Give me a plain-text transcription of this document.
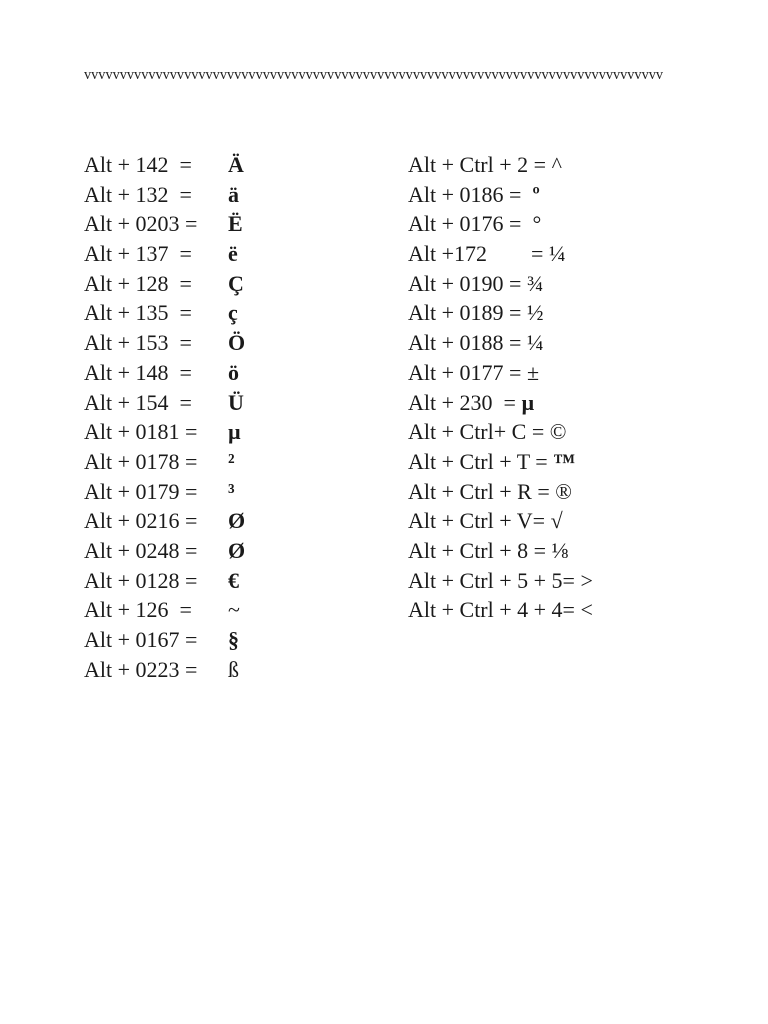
vvvvvvvvvvvvvvvvvvvvvvvvvvvvvvvvvvvvvvvvvvvvvvvvvvvvvvvvvvvvvvvvvvvvvvvvvvvvvvvvv
Alt + 142  = Ä
Alt + 132  = ä
Alt + 0203 = Ë
Alt + 137  = ë
Alt + 128  = Ç
Alt + 135  = ç
Alt + 153  = Ö
Alt + 148  = ö
Alt + 154  = Ü
Alt + 0181 = µ
Alt + 0178 = ²
Alt + 0179 = ³
Alt + 0216 = Ø
Alt + 0248 = Ø
Alt + 0128 = €
Alt + 126  = ~
Alt + 0167 = §
Alt + 0223 = ß
Alt + Ctrl + 2 = ^
Alt + 0186 =  º
Alt + 0176 =  °
Alt +172        = ¼
Alt + 0190 = ¾
Alt + 0189 = ½
Alt + 0188 = ¼
Alt + 0177 = ±
Alt + 230  = µ
Alt + Ctrl+ C = ©
Alt + Ctrl + T = ™
Alt + Ctrl + R = ®
Alt + Ctrl + V= √
Alt + Ctrl + 8 = ⅛
Alt + Ctrl + 5 + 5= >
Alt + Ctrl + 4 + 4= <
